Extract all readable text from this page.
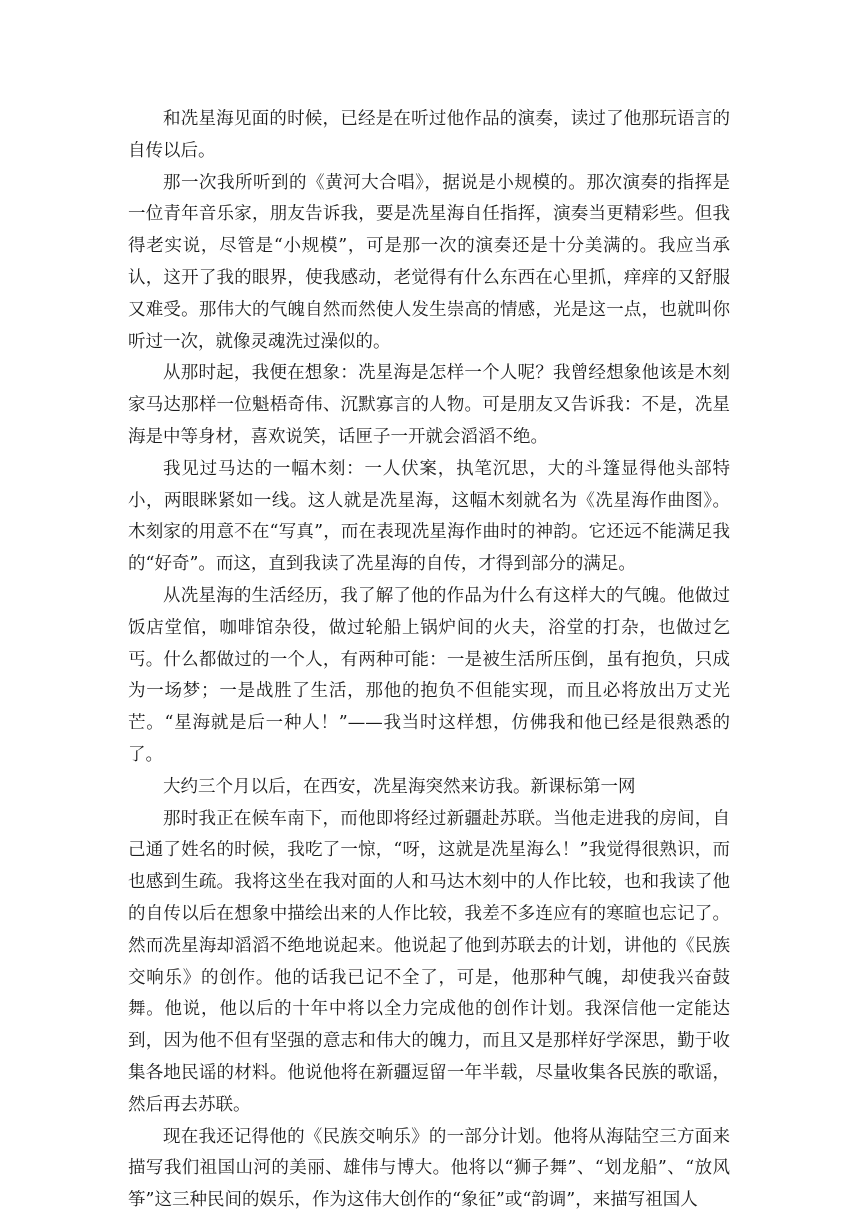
和冼星海见面的时候，已经是在听过他作品的演奏，读过了他那玩语言的自传以后。

那一次我所听到的《黄河大合唱》，据说是小规模的。那次演奏的指挥是一位青年音乐家，朋友告诉我，要是冼星海自任指挥，演奏当更精彩些。但我得老实说，尽管是“小规模”，可是那一次的演奏还是十分美满的。我应当承认，这开了我的眼界，使我感动，老觉得有什么东西在心里抓，痒痒的又舒服又难受。那伟大的气魄自然而然使人发生崇高的情感，光是这一点，也就叫你听过一次，就像灵魂洗过澡似的。

从那时起，我便在想象：冼星海是怎样一个人呢？我曾经想象他该是木刻家马达那样一位魁梧奇伟、沉默寡言的人物。可是朋友又告诉我：不是，冼星海是中等身材，喜欢说笑，话匣子一开就会滔滔不绝。

我见过马达的一幅木刻：一人伏案，执笔沉思，大的斗篷显得他头部特小，两眼眯紧如一线。这人就是冼星海，这幅木刻就名为《冼星海作曲图》。木刻家的用意不在“写真”，而在表现冼星海作曲时的神韵。它还远不能满足我的“好奇”。而这，直到我读了冼星海的自传，才得到部分的满足。

从冼星海的生活经历，我了解了他的作品为什么有这样大的气魄。他做过饭店堂倌，咖啡馆杂役，做过轮船上锅炉间的火夫，浴堂的打杂，也做过乞丐。什么都做过的一个人，有两种可能：一是被生活所压倒，虽有抱负，只成为一场梦；一是战胜了生活，那他的抱负不但能实现，而且必将放出万丈光芒。“星海就是后一种人！”——我当时这样想，仿佛我和他已经是很熟悉的了。

大约三个月以后，在西安，冼星海突然来访我。新课标第一网

那时我正在候车南下，而他即将经过新疆赴苏联。当他走进我的房间，自己通了姓名的时候，我吃了一惊，“呀，这就是冼星海么！”我觉得很熟识，而也感到生疏。我将这坐在我对面的人和马达木刻中的人作比较，也和我读了他的自传以后在想象中描绘出来的人作比较，我差不多连应有的寒暄也忘记了。然而冼星海却滔滔不绝地说起来。他说起了他到苏联去的计划，讲他的《民族交响乐》的创作。他的话我已记不全了，可是，他那种气魄，却使我兴奋鼓舞。他说，他以后的十年中将以全力完成他的创作计划。我深信他一定能达到，因为他不但有坚强的意志和伟大的魄力，而且又是那样好学深思，勤于收集各地民谣的材料。他说他将在新疆逗留一年半载，尽量收集各民族的歌谣，然后再去苏联。

现在我还记得他的《民族交响乐》的一部分计划。他将从海陆空三方面来描写我们祖国山河的美丽、雄伟与博大。他将以“狮子舞”、“划龙船”、“放风筝”这三种民间的娱乐，作为这伟大创作的“象征”或“韵调”，来描写祖国人
